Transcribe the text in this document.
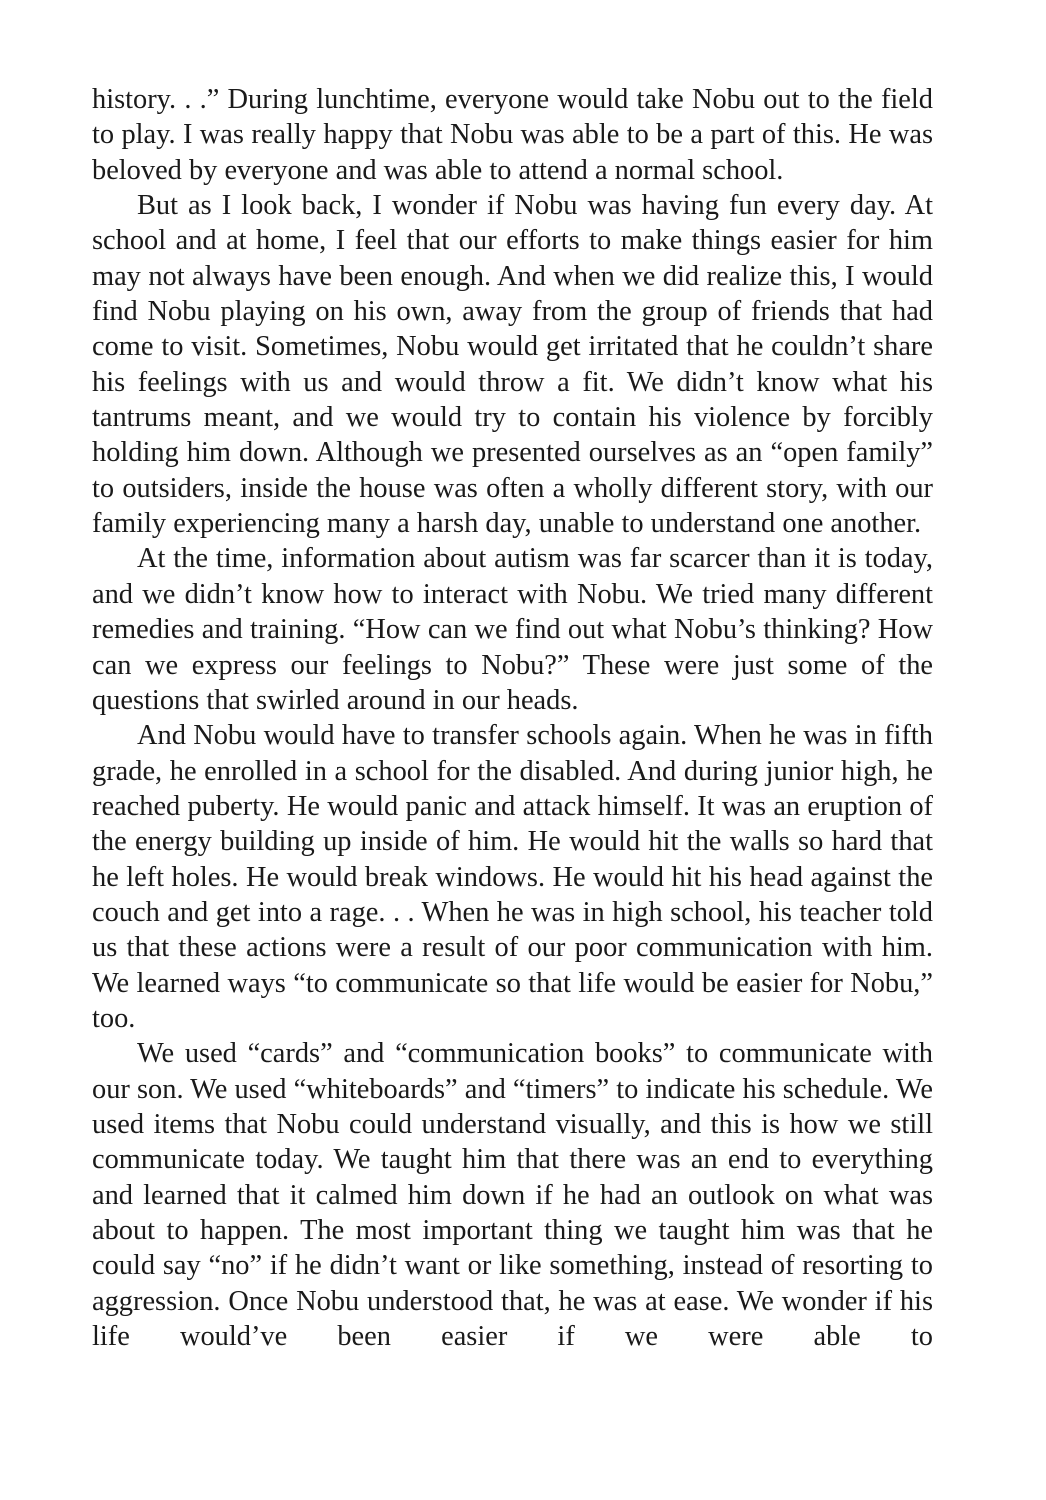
history. . .” During lunchtime, everyone would take Nobu out to the field to play. I was really happy that Nobu was able to be a part of this. He was beloved by everyone and was able to attend a normal school.

But as I look back, I wonder if Nobu was having fun every day. At school and at home, I feel that our efforts to make things easier for him may not always have been enough. And when we did realize this, I would find Nobu playing on his own, away from the group of friends that had come to visit. Sometimes, Nobu would get irritated that he couldn’t share his feelings with us and would throw a fit. We didn’t know what his tantrums meant, and we would try to contain his violence by forcibly holding him down. Although we presented ourselves as an “open family” to outsiders, inside the house was often a wholly different story, with our family experiencing many a harsh day, unable to understand one another.

At the time, information about autism was far scarcer than it is today, and we didn’t know how to interact with Nobu. We tried many different remedies and training. “How can we find out what Nobu’s thinking? How can we express our feelings to Nobu?” These were just some of the questions that swirled around in our heads.

And Nobu would have to transfer schools again. When he was in fifth grade, he enrolled in a school for the disabled. And during junior high, he reached puberty. He would panic and attack himself. It was an eruption of the energy building up inside of him. He would hit the walls so hard that he left holes. He would break windows. He would hit his head against the couch and get into a rage. . . When he was in high school, his teacher told us that these actions were a result of our poor communication with him. We learned ways “to communicate so that life would be easier for Nobu,” too.

We used “cards” and “communication books” to communicate with our son. We used “whiteboards” and “timers” to indicate his schedule. We used items that Nobu could understand visually, and this is how we still communicate today. We taught him that there was an end to everything and learned that it calmed him down if he had an outlook on what was about to happen. The most important thing we taught him was that he could say “no” if he didn’t want or like something, instead of resorting to aggression. Once Nobu understood that, he was at ease. We wonder if his life would’ve been easier if we were able to
